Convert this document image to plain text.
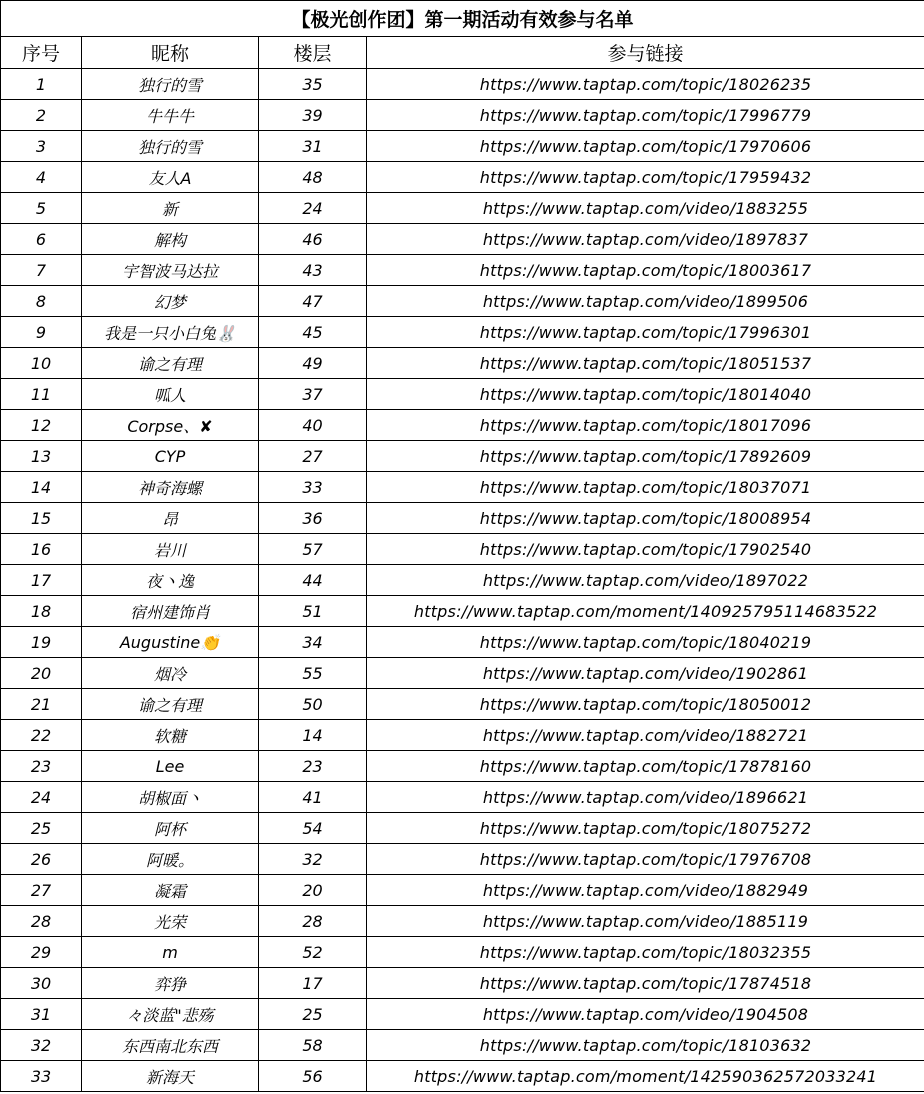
【极光创作团】第一期活动有效参与名单			
序号	昵称	楼层	参与链接
1	独行的雪	35	https://www.taptap.com/topic/18026235
2	牛牛牛	39	https://www.taptap.com/topic/17996779
3	独行的雪	31	https://www.taptap.com/topic/17970606
4	友人A	48	https://www.taptap.com/topic/17959432
5	新	24	https://www.taptap.com/video/1883255
6	解构	46	https://www.taptap.com/video/1897837
7	宇智波马达拉	43	https://www.taptap.com/topic/18003617
8	幻梦	47	https://www.taptap.com/video/1899506
9	我是一只小白兔🐰	45	https://www.taptap.com/topic/17996301
10	谕之有理	49	https://www.taptap.com/topic/18051537
11	呱人	37	https://www.taptap.com/topic/18014040
12	Corpse、✘	40	https://www.taptap.com/topic/18017096
13	CYP	27	https://www.taptap.com/topic/17892609
14	神奇海螺	33	https://www.taptap.com/topic/18037071
15	昂	36	https://www.taptap.com/topic/18008954
16	岩川	57	https://www.taptap.com/topic/17902540
17	夜丶逸	44	https://www.taptap.com/video/1897022
18	宿州建饰肖	51	https://www.taptap.com/moment/140925795114683522
19	Augustine👏	34	https://www.taptap.com/topic/18040219
20	烟冷	55	https://www.taptap.com/video/1902861
21	谕之有理	50	https://www.taptap.com/topic/18050012
22	软糖	14	https://www.taptap.com/video/1882721
23	Lee	23	https://www.taptap.com/topic/17878160
24	胡椒面丶	41	https://www.taptap.com/video/1896621
25	阿杯	54	https://www.taptap.com/topic/18075272
26	阿暖。	32	https://www.taptap.com/topic/17976708
27	凝霜	20	https://www.taptap.com/video/1882949
28	光荣	28	https://www.taptap.com/video/1885119
29	m	52	https://www.taptap.com/topic/18032355
30	弈狰	17	https://www.taptap.com/topic/17874518
31	々淡蓝"悲殇	25	https://www.taptap.com/video/1904508
32	东西南北东西	58	https://www.taptap.com/topic/18103632
33	新海天	56	https://www.taptap.com/moment/142590362572033241
